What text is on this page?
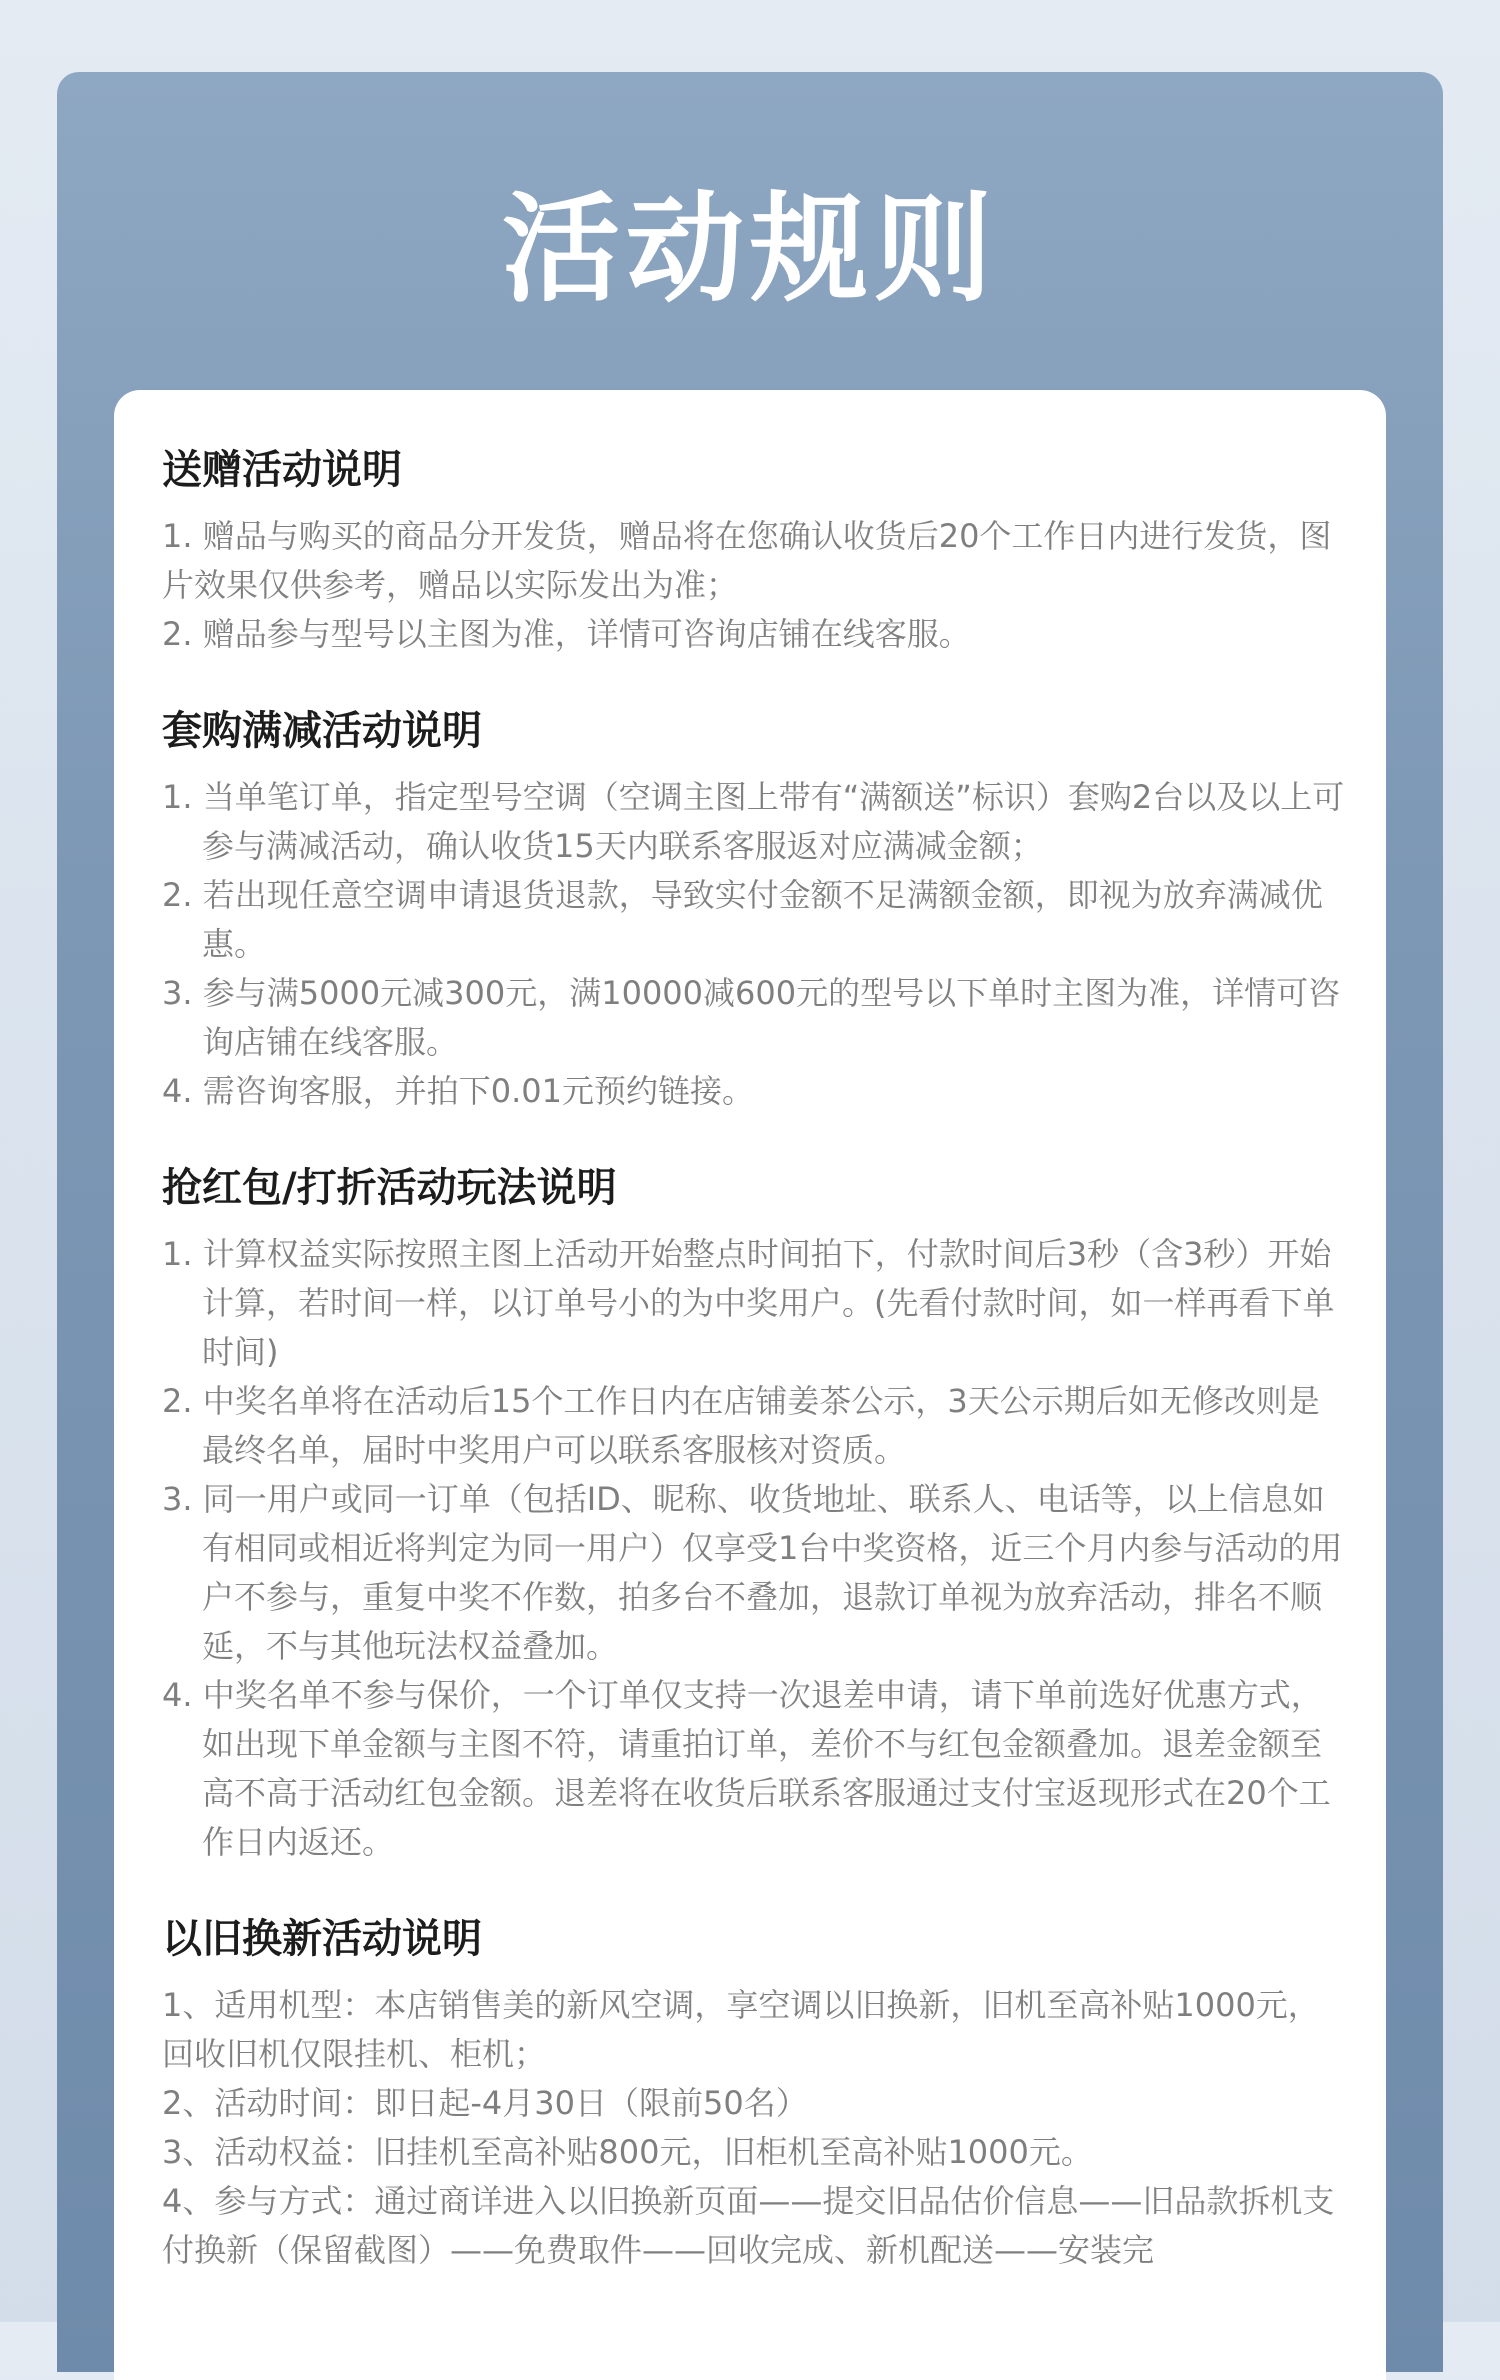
活动规则
送赠活动说明

1. 赠品与购买的商品分开发货，赠品将在您确认收货后20个工作日内进行发货，图片效果仅供参考，赠品以实际发出为准；

2. 赠品参与型号以主图为准，详情可咨询店铺在线客服。

套购满减活动说明

1. 当单笔订单，指定型号空调（空调主图上带有“满额送”标识）套购2台以及以上可参与满减活动，确认收货15天内联系客服返对应满减金额；

2. 若出现任意空调申请退货退款，导致实付金额不足满额金额，即视为放弃满减优惠。

3. 参与满5000元减300元，满10000减600元的型号以下单时主图为准，详情可咨询店铺在线客服。

4. 需咨询客服，并拍下0.01元预约链接。

抢红包/打折活动玩法说明

1. 计算权益实际按照主图上活动开始整点时间拍下，付款时间后3秒（含3秒）开始计算，若时间一样，以订单号小的为中奖用户。(先看付款时间，如一样再看下单时间)

2. 中奖名单将在活动后15个工作日内在店铺姜茶公示，3天公示期后如无修改则是最终名单，届时中奖用户可以联系客服核对资质。

3. 同一用户或同一订单（包括ID、昵称、收货地址、联系人、电话等，以上信息如有相同或相近将判定为同一用户）仅享受1台中奖资格，近三个月内参与活动的用户不参与，重复中奖不作数，拍多台不叠加，退款订单视为放弃活动，排名不顺延，不与其他玩法权益叠加。

4. 中奖名单不参与保价，一个订单仅支持一次退差申请，请下单前选好优惠方式，如出现下单金额与主图不符，请重拍订单，差价不与红包金额叠加。退差金额至高不高于活动红包金额。退差将在收货后联系客服通过支付宝返现形式在20个工作日内返还。

以旧换新活动说明

1、适用机型：本店销售美的新风空调，享空调以旧换新，旧机至高补贴1000元，回收旧机仅限挂机、柜机；

2、活动时间：即日起-4月30日（限前50名）

3、活动权益：旧挂机至高补贴800元，旧柜机至高补贴1000元。

4、参与方式：通过商详进入以旧换新页面——提交旧品估价信息——旧品款拆机支付换新（保留截图）——免费取件——回收完成、新机配送——安装完
